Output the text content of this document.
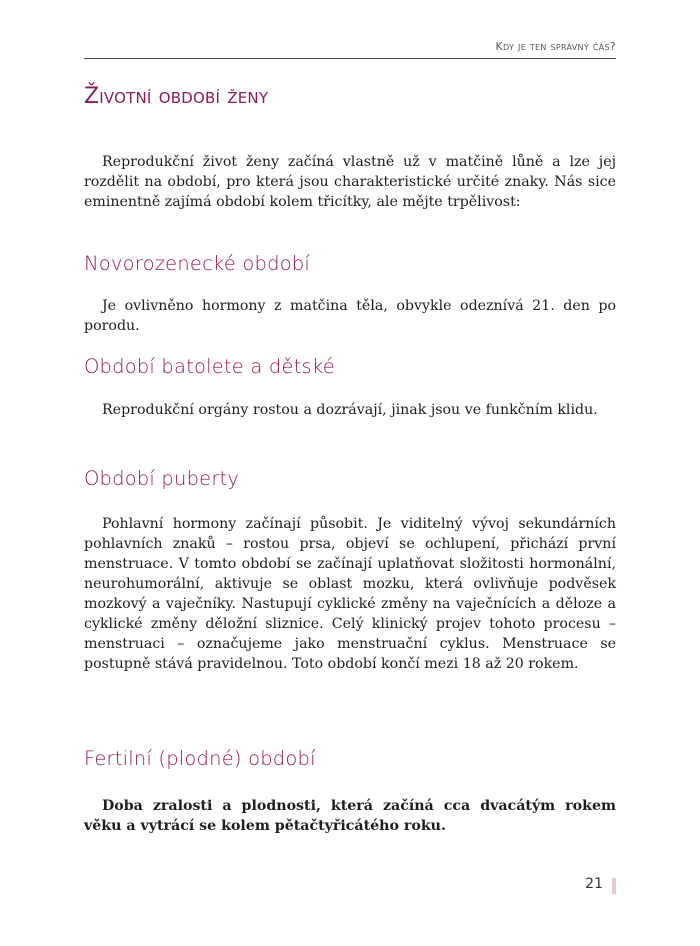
Kdy je ten správný čas?
Životní období ženy

Reprodukční život ženy začíná vlastně už v matčině lůně a lze jej rozdělit na období, pro která jsou charakteristické určité znaky. Nás sice eminentně zajímá období kolem třicítky, ale mějte trpělivost:

Novorozenecké období

Je ovlivněno hormony z matčina těla, obvykle odeznívá 21. den po porodu.

Období batolete a dětské

Reprodukční orgány rostou a dozrávají, jinak jsou ve funkčním klidu.

Období puberty

Pohlavní hormony začínají působit. Je viditelný vývoj sekundárních pohlavních znaků – rostou prsa, objeví se ochlupení, přichází první menstruace. V tomto období se začínají uplatňovat složitosti hormonální, neurohumorální, aktivuje se oblast mozku, která ovlivňuje podvěsek mozkový a vaječníky. Nastupují cyklické změny na vaječnících a děloze a cyklické změny děložní sliznice. Celý klinický projev tohoto procesu – menstruaci – označujeme jako menstruační cyklus. Menstruace se postupně stává pravidelnou. Toto období končí mezi 18 až 20 rokem.

Fertilní (plodné) období

Doba zralosti a plodnosti, která začíná cca dvacátým rokem věku a vytrácí se kolem pětačtyřicátého roku.

21
